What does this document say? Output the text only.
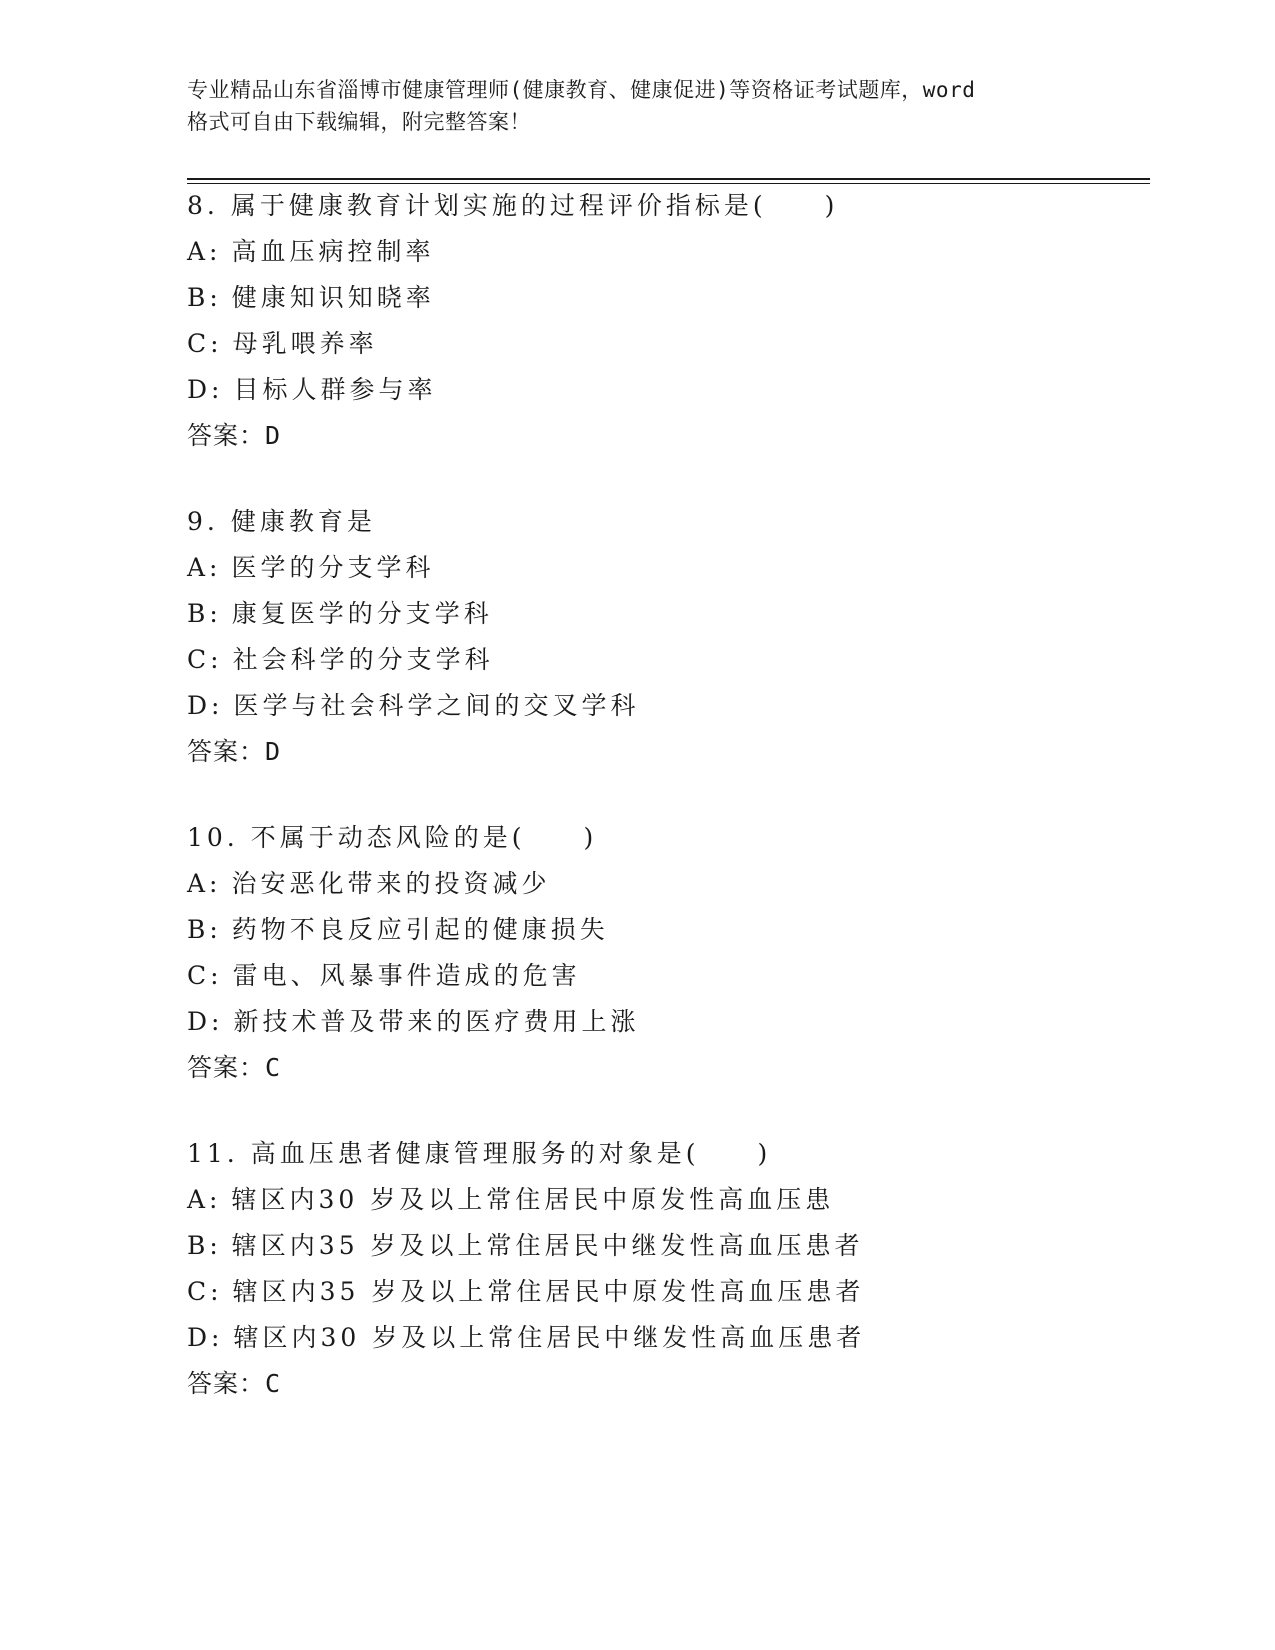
专业精品山东省淄博市健康管理师(健康教育、健康促进)等资格证考试题库，word
格式可自由下载编辑，附完整答案！
8. 属于健康教育计划实施的过程评价指标是(　　)
A: 高血压病控制率
B: 健康知识知晓率
C: 母乳喂养率
D: 目标人群参与率
答案：D
9. 健康教育是
A: 医学的分支学科
B: 康复医学的分支学科
C: 社会科学的分支学科
D: 医学与社会科学之间的交叉学科
答案：D
10. 不属于动态风险的是(　　)
A: 治安恶化带来的投资减少
B: 药物不良反应引起的健康损失
C: 雷电、风暴事件造成的危害
D: 新技术普及带来的医疗费用上涨
答案：C
11. 高血压患者健康管理服务的对象是(　　)
A: 辖区内30 岁及以上常住居民中原发性高血压患
B: 辖区内35 岁及以上常住居民中继发性高血压患者
C: 辖区内35 岁及以上常住居民中原发性高血压患者
D: 辖区内30 岁及以上常住居民中继发性高血压患者
答案：C
